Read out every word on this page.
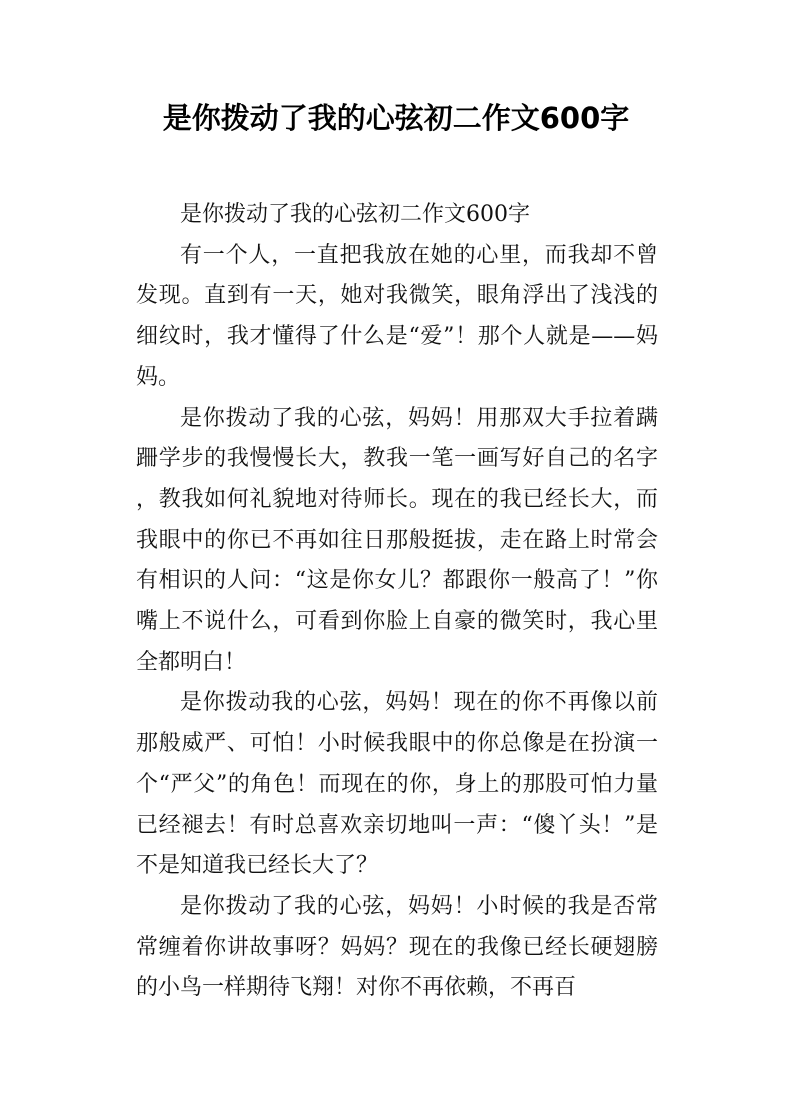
是你拨动了我的心弦初二作文600字

是你拨动了我的心弦初二作文600字

有一个人，一直把我放在她的心里，而我却不曾发现。直到有一天，她对我微笑，眼角浮出了浅浅的细纹时，我才懂得了什么是“爱”！那个人就是——妈妈。

是你拨动了我的心弦，妈妈！用那双大手拉着蹒跚学步的我慢慢长大，教我一笔一画写好自己的名字，教我如何礼貌地对待师长。现在的我已经长大，而我眼中的你已不再如往日那般挺拔，走在路上时常会有相识的人问：“这是你女儿？都跟你一般高了！”你嘴上不说什么，可看到你脸上自豪的微笑时，我心里全都明白！

是你拨动我的心弦，妈妈！现在的你不再像以前那般威严、可怕！小时候我眼中的你总像是在扮演一个“严父”的角色！而现在的你，身上的那股可怕力量已经褪去！有时总喜欢亲切地叫一声：“傻丫头！”是不是知道我已经长大了？

是你拨动了我的心弦，妈妈！小时候的我是否常常缠着你讲故事呀？妈妈？现在的我像已经长硬翅膀的小鸟一样期待飞翔！对你不再依赖，不再百
